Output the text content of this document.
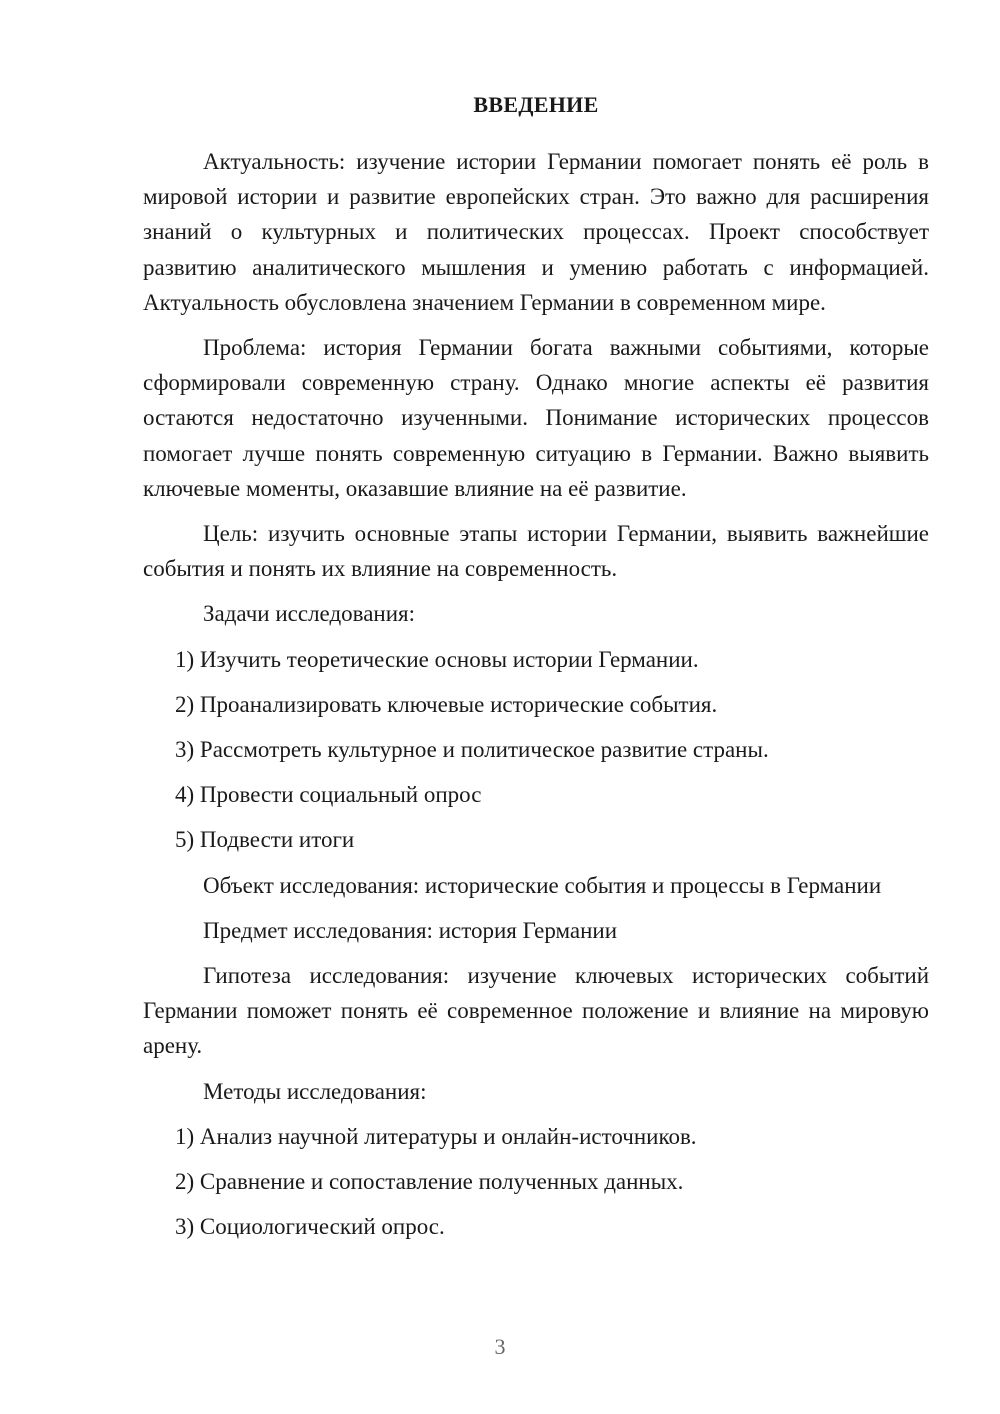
ВВЕДЕНИЕ

Актуальность: изучение истории Германии помогает понять её роль в мировой истории и развитие европейских стран. Это важно для расширения знаний о культурных и политических процессах. Проект способствует развитию аналитического мышления и умению работать с информацией. Актуальность обусловлена значением Германии в современном мире.

Проблема: история Германии богата важными событиями, которые сформировали современную страну. Однако многие аспекты её развития остаются недостаточно изученными. Понимание исторических процессов помогает лучше понять современную ситуацию в Германии. Важно выявить ключевые моменты, оказавшие влияние на её развитие.

Цель: изучить основные этапы истории Германии, выявить важнейшие события и понять их влияние на современность.

Задачи исследования:

1) Изучить теоретические основы истории Германии.

2) Проанализировать ключевые исторические события.

3) Рассмотреть культурное и политическое развитие страны.

4) Провести социальный опрос

5) Подвести итоги

Объект исследования: исторические события и процессы в Германии

Предмет исследования: история Германии

Гипотеза исследования: изучение ключевых исторических событий Германии поможет понять её современное положение и влияние на мировую арену.

Методы исследования:

1) Анализ научной литературы и онлайн-источников.

2) Сравнение и сопоставление полученных данных.

3) Социологический опрос.

3
